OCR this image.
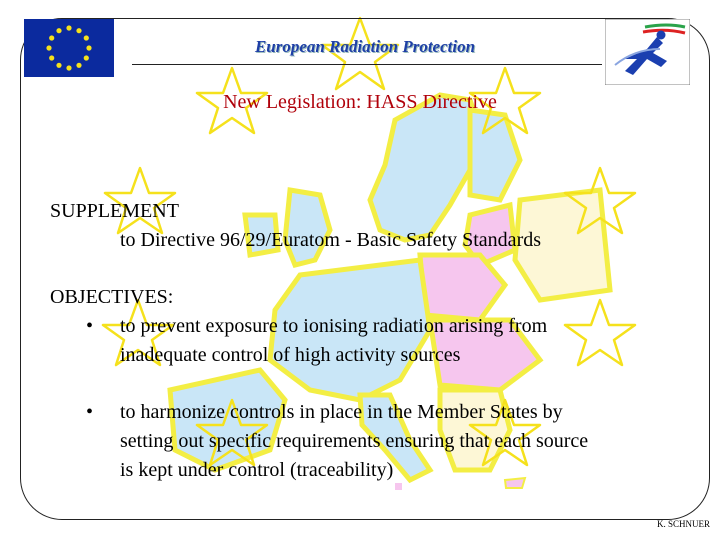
European Radiation Protection
New Legislation: HASS Directive
SUPPLEMENT
to Directive 96/29/Euratom - Basic Safety Standards
OBJECTIVES:
• to prevent exposure to ionising radiation arising from
inadequate control of high activity sources
• to harmonize controls in place in the Member States by
setting out specific requirements ensuring that each source
is kept under control (traceability)
K. SCHNUER
